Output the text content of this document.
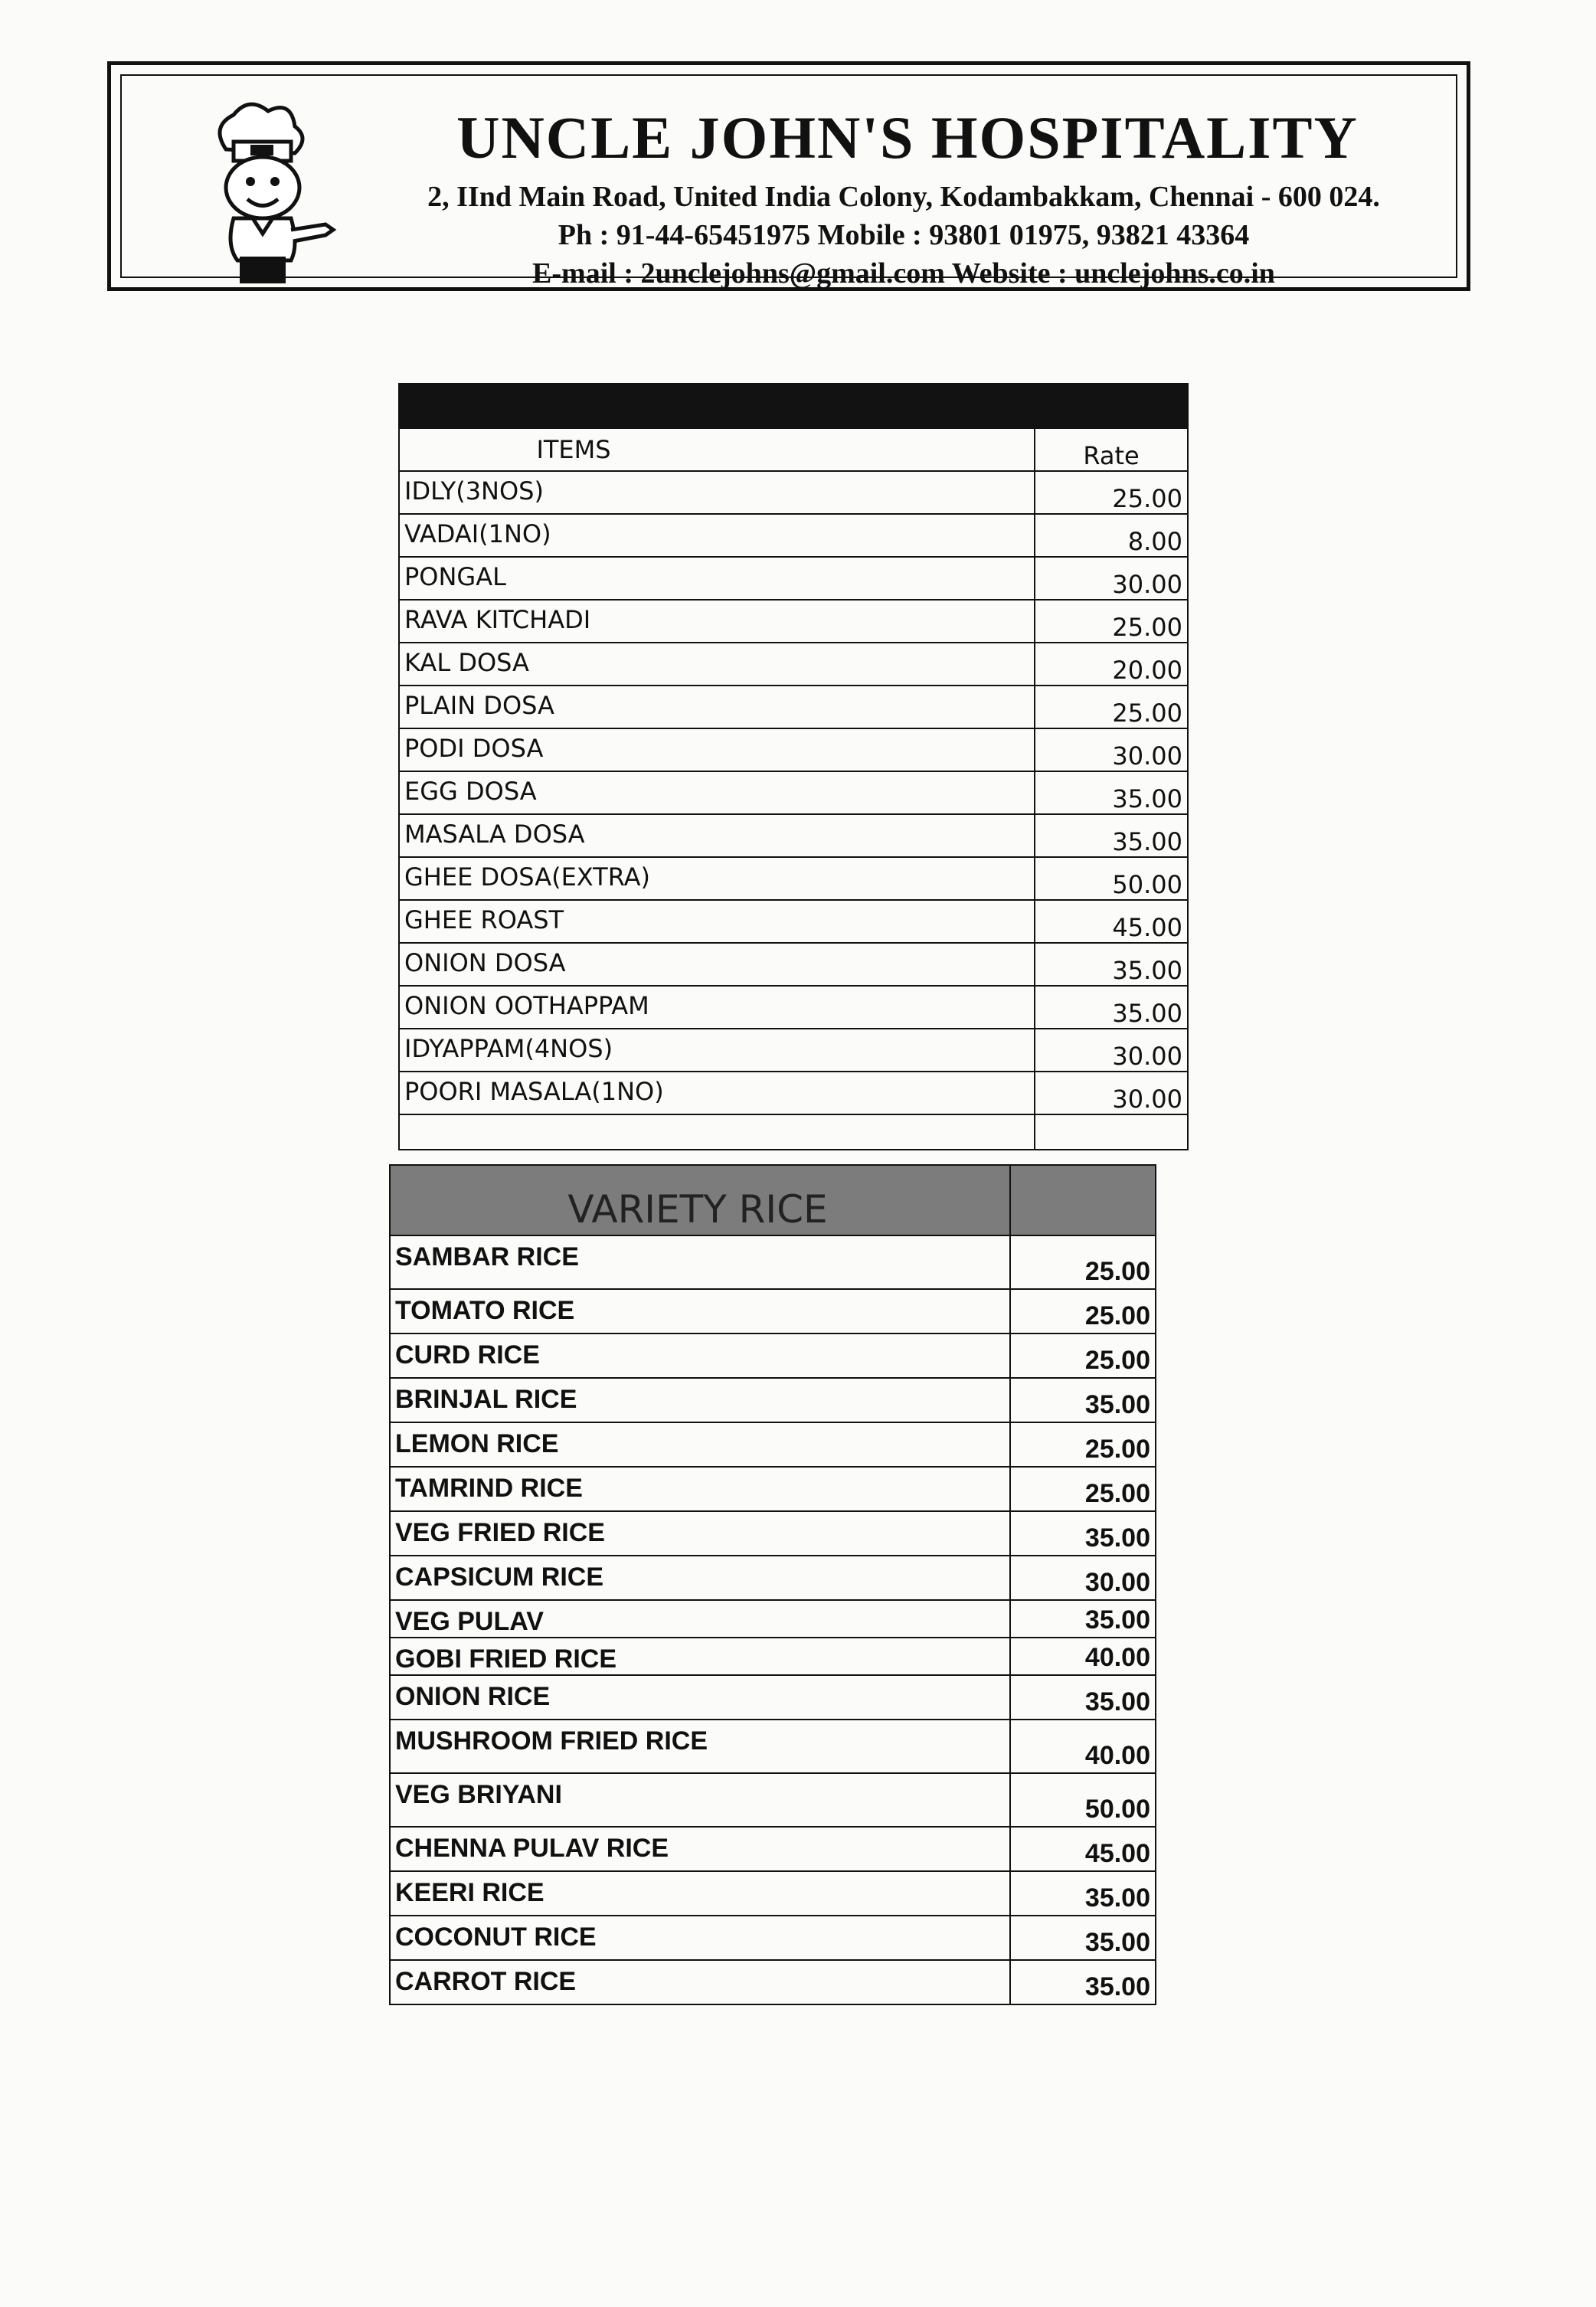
UNCLE JOHN'S HOSPITALITY
2, IInd Main Road, United India Colony, Kodambakkam, Chennai - 600 024.
Ph : 91-44-65451975 Mobile : 93801 01975, 93821 43364
E-mail : 2unclejohns@gmail.com Website : unclejohns.co.in

ITEMS	Rate
IDLY(3NOS)	25.00
VADAI(1NO)	8.00
PONGAL	30.00
RAVA KITCHADI	25.00
KAL DOSA	20.00
PLAIN DOSA	25.00
PODI DOSA	30.00
EGG DOSA	35.00
MASALA DOSA	35.00
GHEE DOSA(EXTRA)	50.00
GHEE ROAST	45.00
ONION DOSA	35.00
ONION OOTHAPPAM	35.00
IDYAPPAM(4NOS)	30.00
POORI MASALA(1NO)	30.00

VARIETY RICE	
SAMBAR RICE	25.00
TOMATO RICE	25.00
CURD RICE	25.00
BRINJAL RICE	35.00
LEMON RICE	25.00
TAMRIND RICE	25.00
VEG FRIED RICE	35.00
CAPSICUM RICE	30.00
VEG PULAV	35.00
GOBI FRIED RICE	40.00
ONION RICE	35.00
MUSHROOM FRIED RICE	40.00
VEG BRIYANI	50.00
CHENNA PULAV RICE	45.00
KEERI RICE	35.00
COCONUT RICE	35.00
CARROT RICE	35.00
